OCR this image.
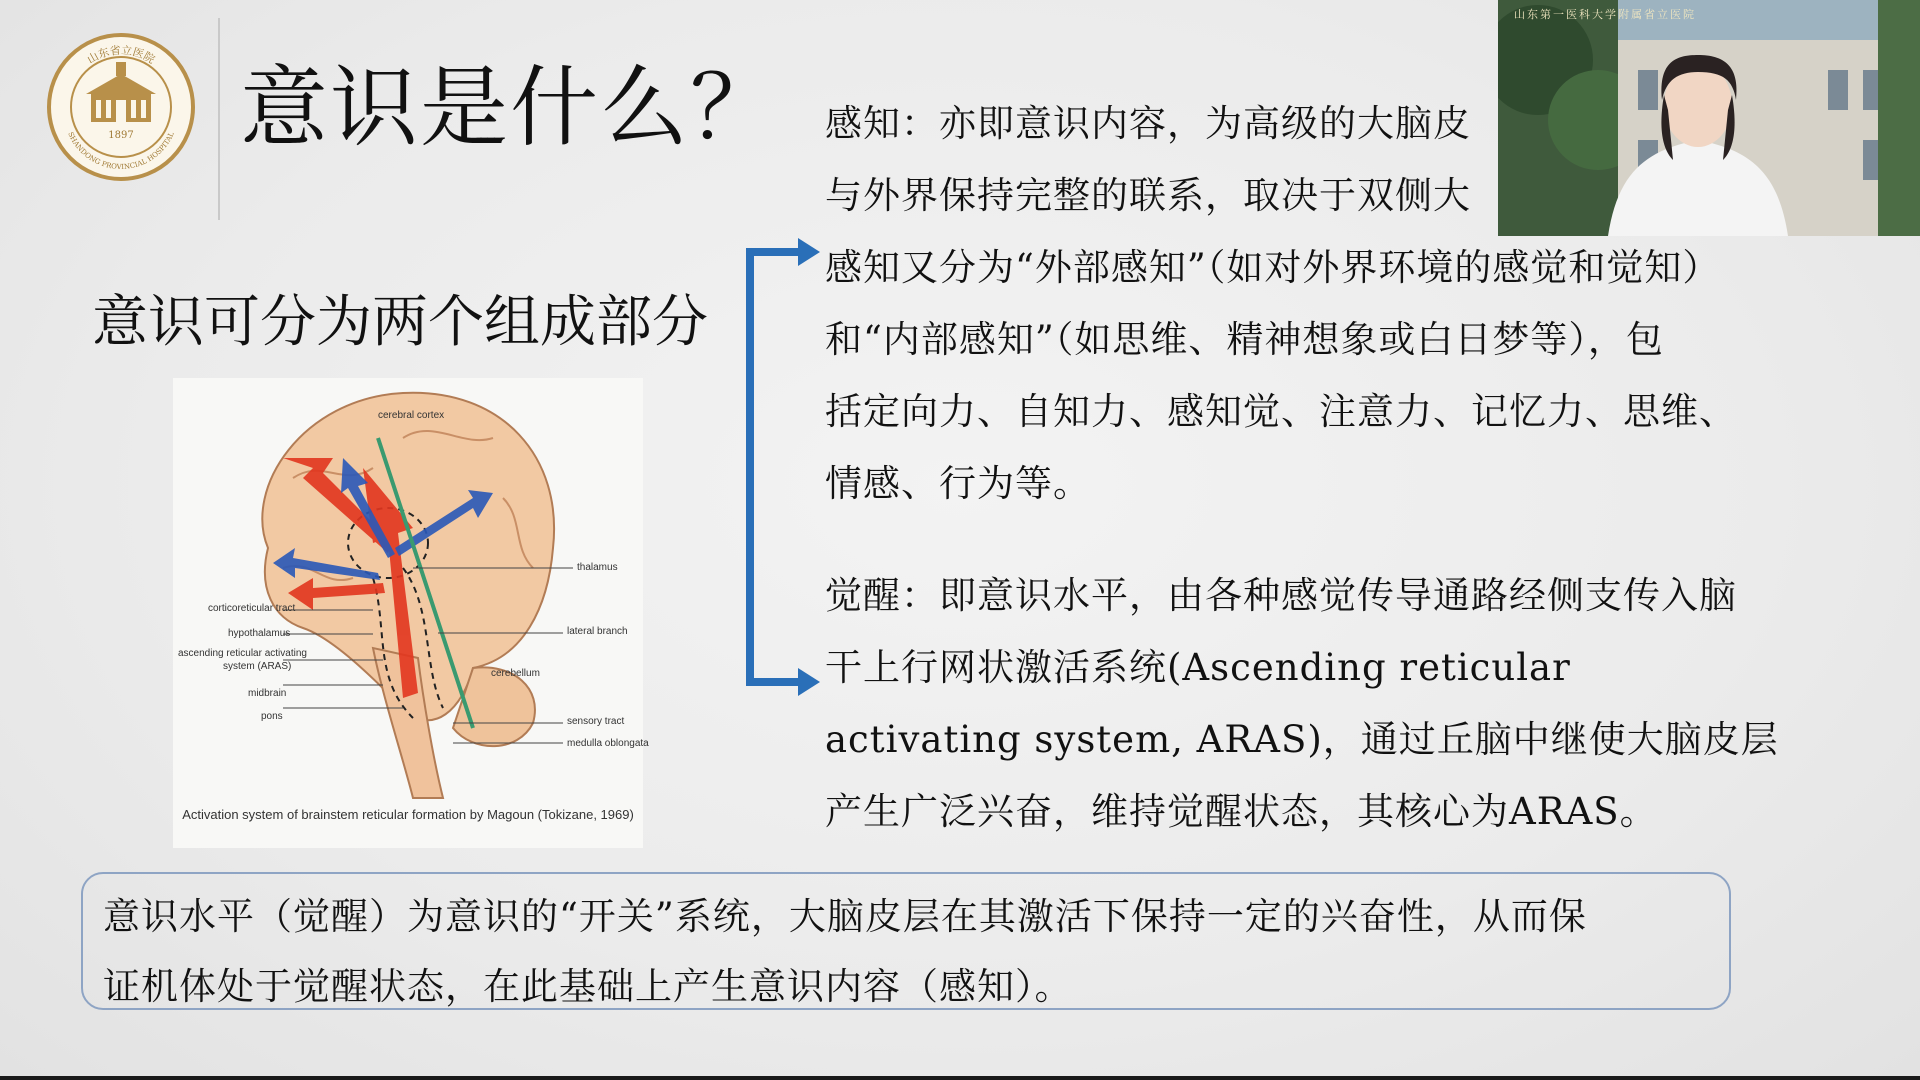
山东省立医院
SHANDONG PROVINCIAL HOSPITAL
1897 意识是什么？
意识可分为两个组成部分
cerebral cortex
thalamus
corticoreticular tract
hypothalamus
ascending reticular activating
system (ARAS)
midbrain
pons
lateral branch
cerebellum
sensory tract
medulla oblongata
Activation system of brainstem reticular formation by Magoun (Tokizane, 1969)
感知：亦即意识内容，为高级的大脑皮
与外界保持完整的联系，取决于双侧大
感知又分为“外部感知”（如对外界环境的感觉和觉知）
和“内部感知”（如思维、精神想象或白日梦等），包
括定向力、自知力、感知觉、注意力、记忆力、思维、
情感、行为等。
觉醒：即意识水平，由各种感觉传导通路经侧支传入脑
干上行网状激活系统(Ascending reticular
activating system, ARAS)，通过丘脑中继使大脑皮层
产生广泛兴奋，维持觉醒状态，其核心为ARAS。
意识水平（觉醒）为意识的“开关”系统，大脑皮层在其激活下保持一定的兴奋性，从而保
证机体处于觉醒状态，在此基础上产生意识内容（感知）。
山东第一医科大学附属省立医院
